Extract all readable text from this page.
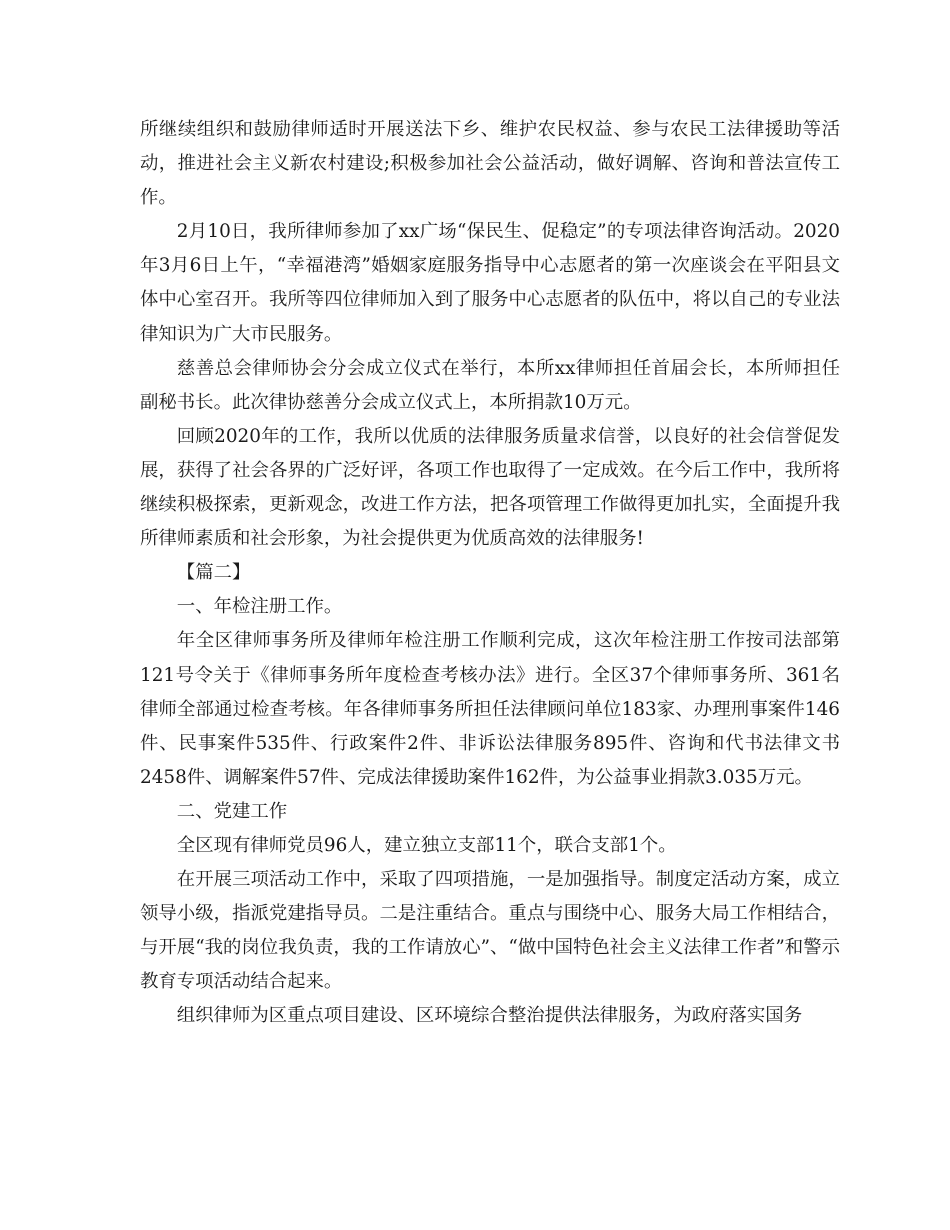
所继续组织和鼓励律师适时开展送法下乡、维护农民权益、参与农民工法律援助等活动，推进社会主义新农村建设;积极参加社会公益活动，做好调解、咨询和普法宣传工作。

2月10日，我所律师参加了xx广场“保民生、促稳定”的专项法律咨询活动。2020年3月6日上午，“幸福港湾”婚姻家庭服务指导中心志愿者的第一次座谈会在平阳县文体中心室召开。我所等四位律师加入到了服务中心志愿者的队伍中，将以自己的专业法律知识为广大市民服务。

慈善总会律师协会分会成立仪式在举行，本所xx律师担任首届会长，本所师担任副秘书长。此次律协慈善分会成立仪式上，本所捐款10万元。

回顾2020年的工作，我所以优质的法律服务质量求信誉，以良好的社会信誉促发展，获得了社会各界的广泛好评，各项工作也取得了一定成效。在今后工作中，我所将继续积极探索，更新观念，改进工作方法，把各项管理工作做得更加扎实，全面提升我所律师素质和社会形象，为社会提供更为优质高效的法律服务!

【篇二】

一、年检注册工作。

年全区律师事务所及律师年检注册工作顺利完成，这次年检注册工作按司法部第121号令关于《律师事务所年度检查考核办法》进行。全区37个律师事务所、361名律师全部通过检查考核。年各律师事务所担任法律顾问单位183家、办理刑事案件146件、民事案件535件、行政案件2件、非诉讼法律服务895件、咨询和代书法律文书2458件、调解案件57件、完成法律援助案件162件，为公益事业捐款3.035万元。

二、党建工作

全区现有律师党员96人，建立独立支部11个，联合支部1个。

在开展三项活动工作中，采取了四项措施，一是加强指导。制度定活动方案，成立领导小级，指派党建指导员。二是注重结合。重点与围绕中心、服务大局工作相结合，与开展“我的岗位我负责，我的工作请放心”、“做中国特色社会主义法律工作者”和警示教育专项活动结合起来。

组织律师为区重点项目建设、区环境综合整治提供法律服务，为政府落实国务
